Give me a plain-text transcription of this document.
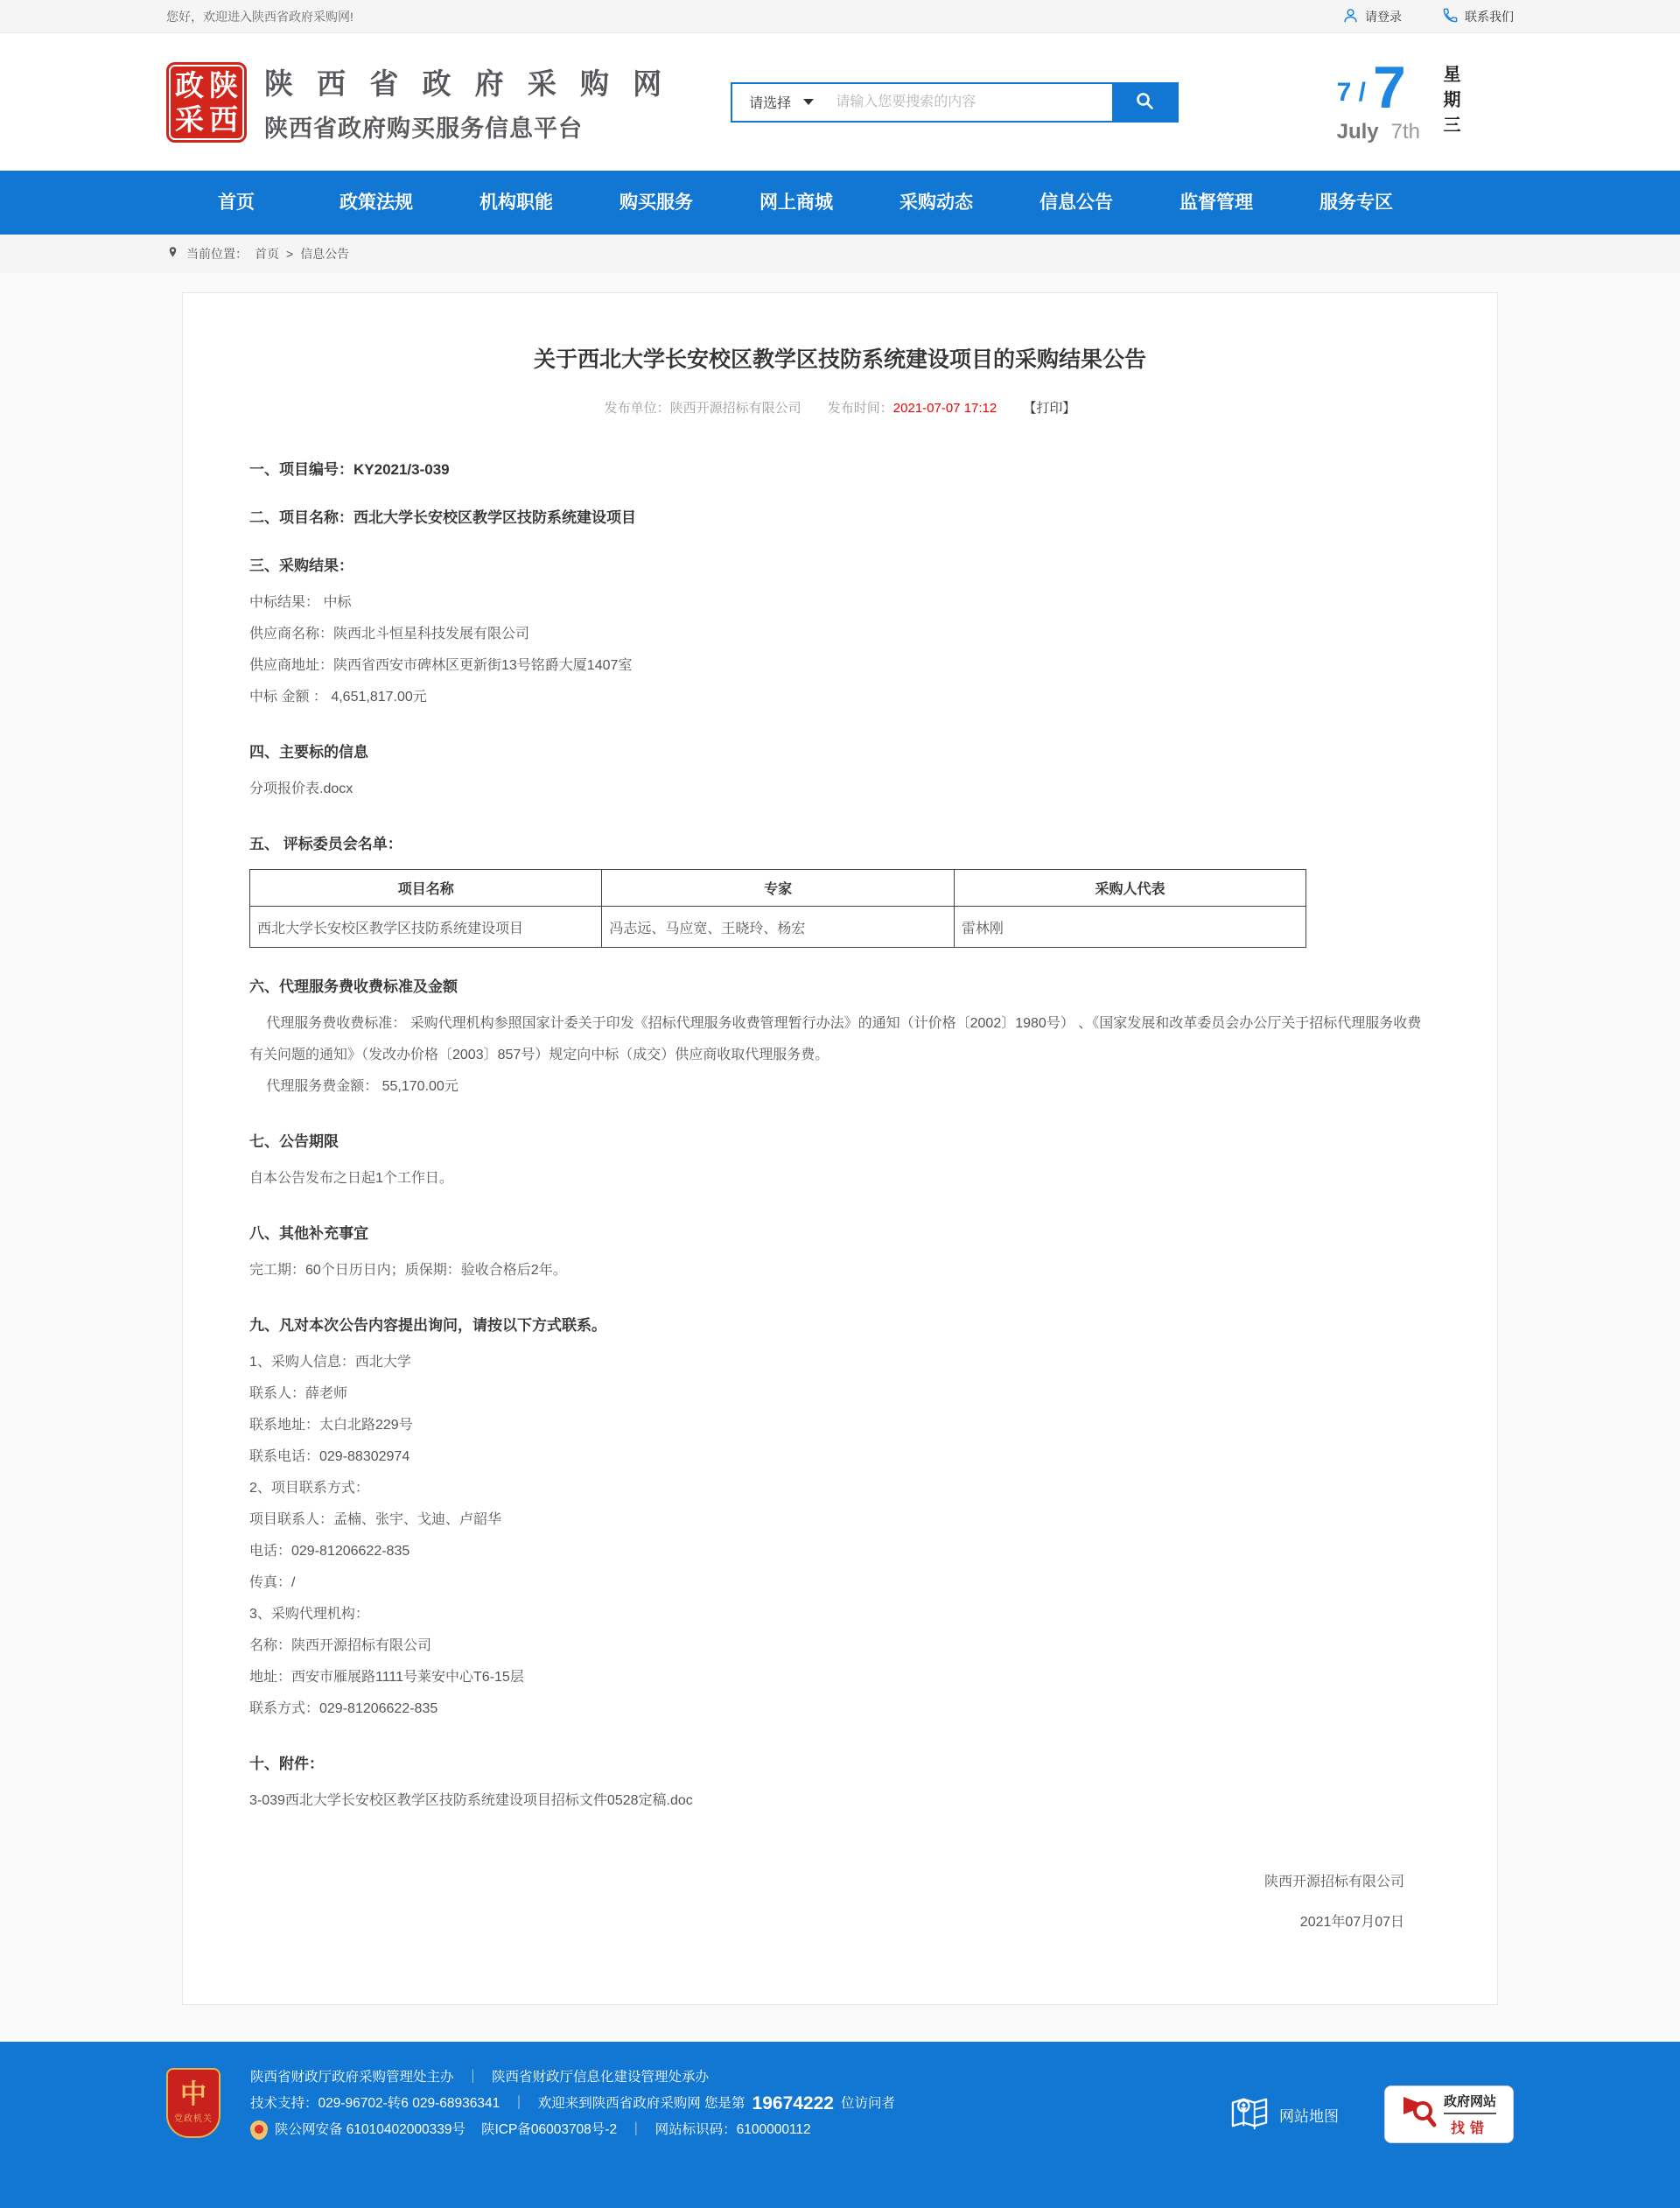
您好，欢迎进入陕西省政府采购网!	请登录	联系我们
政 陕
采 西
陕 西 省 政 府 采 购 网
陕西省政府购买服务信息平台
请选择
请输入您要搜索的内容	7 / 7
July 7th 星期三
首页	政策法规	机构职能	购买服务	网上商城	采购动态	信息公告	监督管理	服务专区
当前位置： 首页 > 信息公告
关于西北大学长安校区教学区技防系统建设项目的采购结果公告
发布单位：陕西开源招标有限公司 发布时间：2021-07-07 17:12 【打印】
一、项目编号：KY2021/3-039
二、项目名称：西北大学长安校区教学区技防系统建设项目
三、采购结果：
中标结果： 中标
供应商名称：陕西北斗恒星科技发展有限公司
供应商地址：陕西省西安市碑林区更新街13号铭爵大厦1407室
中标 金额 ： 4,651,817.00元
四、主要标的信息
分项报价表.docx
五、 评标委员会名单：
项目名称	专家	采购人代表
西北大学长安校区教学区技防系统建设项目	冯志远、马应宽、王晓玲、杨宏	雷林刚
六、代理服务费收费标准及金额
代理服务费收费标准： 采购代理机构参照国家计委关于印发《招标代理服务收费管理暂行办法》的通知（计价格〔2002〕1980号） 、《国家发展和改革委员会办公厅关于招标代理服务收费有关问题的通知》（发改办价格〔2003〕857号）规定向中标（成交）供应商收取代理服务费。
代理服务费金额： 55,170.00元
七、公告期限
自本公告发布之日起1个工作日。
八、其他补充事宜
完工期：60个日历日内；质保期：验收合格后2年。
九、凡对本次公告内容提出询问，请按以下方式联系。
1、采购人信息：西北大学
联系人：薛老师
联系地址：太白北路229号
联系电话：029-88302974
2、项目联系方式：
项目联系人：孟楠、张宇、戈迪、卢韶华
电话：029-81206622-835
传真：/
3、采购代理机构：
名称：陕西开源招标有限公司
地址：西安市雁展路1111号莱安中心T6-15层
联系方式：029-81206622-835
十、附件：
3-039西北大学长安校区教学区技防系统建设项目招标文件0528定稿.doc
陕西开源招标有限公司
2021年07月07日
中
党政机关
陕西省财政厅政府采购管理处主办 ｜ 陕西省财政厅信息化建设管理处承办
技术支持：029-96702-转6 029-68936341 ｜ 欢迎来到陕西省政府采购网 您是第 19674222 位访问者
陕公网安备 61010402000339号 陕ICP备06003708号-2 ｜ 网站标识码：6100000112
网站地图
政府网站
找错
